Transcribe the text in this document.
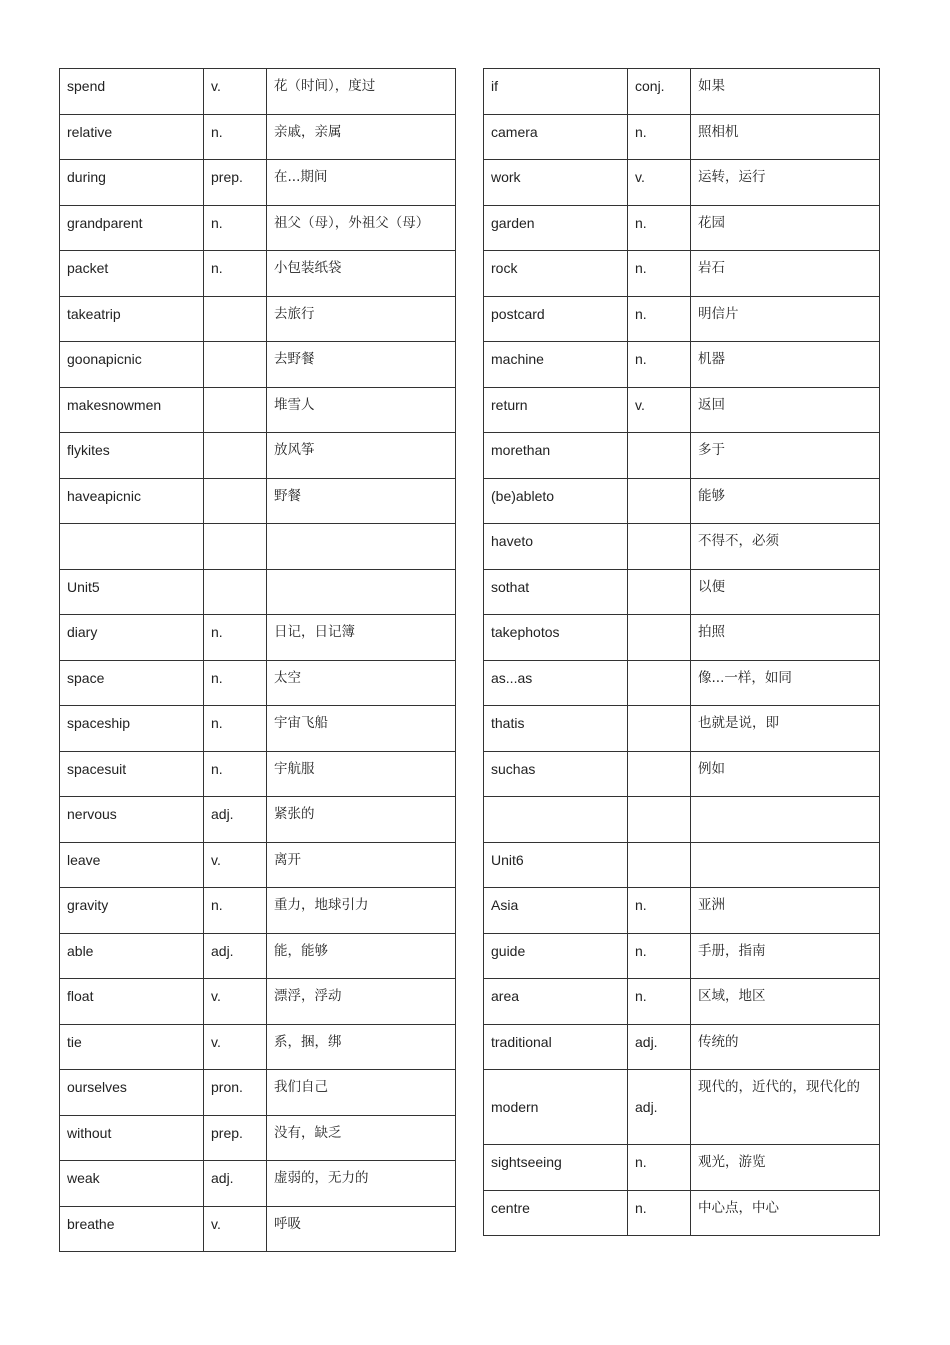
spend	v.	花（时间），度过
relative	n.	亲戚，亲属
during	prep.	在...期间
grandparent	n.	祖父（母），外祖父（母）
packet	n.	小包装纸袋
takeatrip		去旅行
goonapicnic		去野餐
makesnowmen		堆雪人
flykites		放风筝
haveapicnic		野餐

Unit5		
diary	n.	日记，日记簿
space	n.	太空
spaceship	n.	宇宙飞船
spacesuit	n.	宇航服
nervous	adj.	紧张的
leave	v.	离开
gravity	n.	重力，地球引力
able	adj.	能，能够
float	v.	漂浮，浮动
tie	v.	系，捆，绑
ourselves	pron.	我们自己
without	prep.	没有，缺乏
weak	adj.	虚弱的，无力的
breathe	v.	呼吸
if	conj.	如果
camera	n.	照相机
work	v.	运转，运行
garden	n.	花园
rock	n.	岩石
postcard	n.	明信片
machine	n.	机器
return	v.	返回
morethan		多于
(be)ableto		能够
haveto		不得不，必须
sothat		以便
takephotos		拍照
as...as		像...一样，如同
thatis		也就是说，即
suchas		例如

Unit6		
Asia	n.	亚洲
guide	n.	手册，指南
area	n.	区域，地区
traditional	adj.	传统的
modern	adj.	现代的，近代的，现代化的
sightseeing	n.	观光，游览
centre	n.	中心点，中心
